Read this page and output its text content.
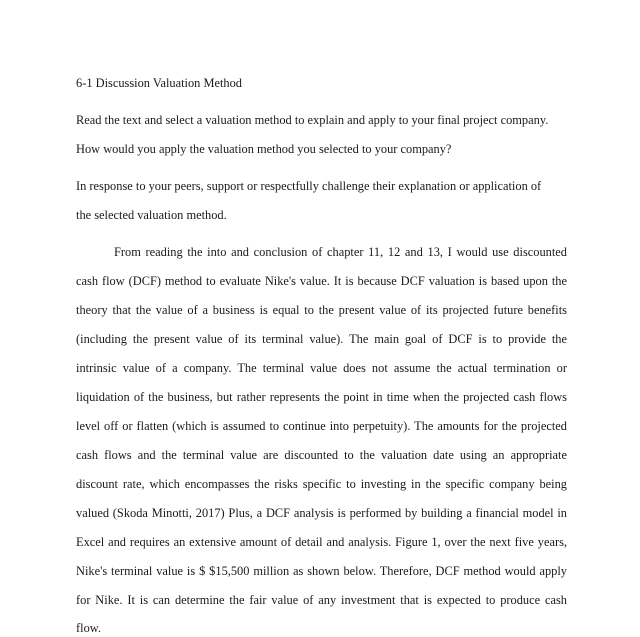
6-1 Discussion Valuation Method
Read the text and select a valuation method to explain and apply to your final project company.
How would you apply the valuation method you selected to your company?
In response to your peers, support or respectfully challenge their explanation or application of
the selected valuation method.
From reading the into and conclusion of chapter 11, 12 and 13, I would use discounted
cash flow (DCF) method to evaluate Nike's value. It is because DCF valuation is based upon the
theory that the value of a business is equal to the present value of its projected future benefits
(including the present value of its terminal value). The main goal of DCF is to provide the
intrinsic value of a company. The terminal value does not assume the actual termination or
liquidation of the business, but rather represents the point in time when the projected cash flows
level off or flatten (which is assumed to continue into perpetuity). The amounts for the projected
cash flows and the terminal value are discounted to the valuation date using an appropriate
discount rate, which encompasses the risks specific to investing in the specific company being
valued (Skoda Minotti, 2017) Plus, a DCF analysis is performed by building a financial model in
Excel and requires an extensive amount of detail and analysis. Figure 1, over the next five years,
Nike's terminal value is $ $15,500 million as shown below. Therefore, DCF method would apply
for Nike. It is can determine the fair value of any investment that is expected to produce cash
flow.
